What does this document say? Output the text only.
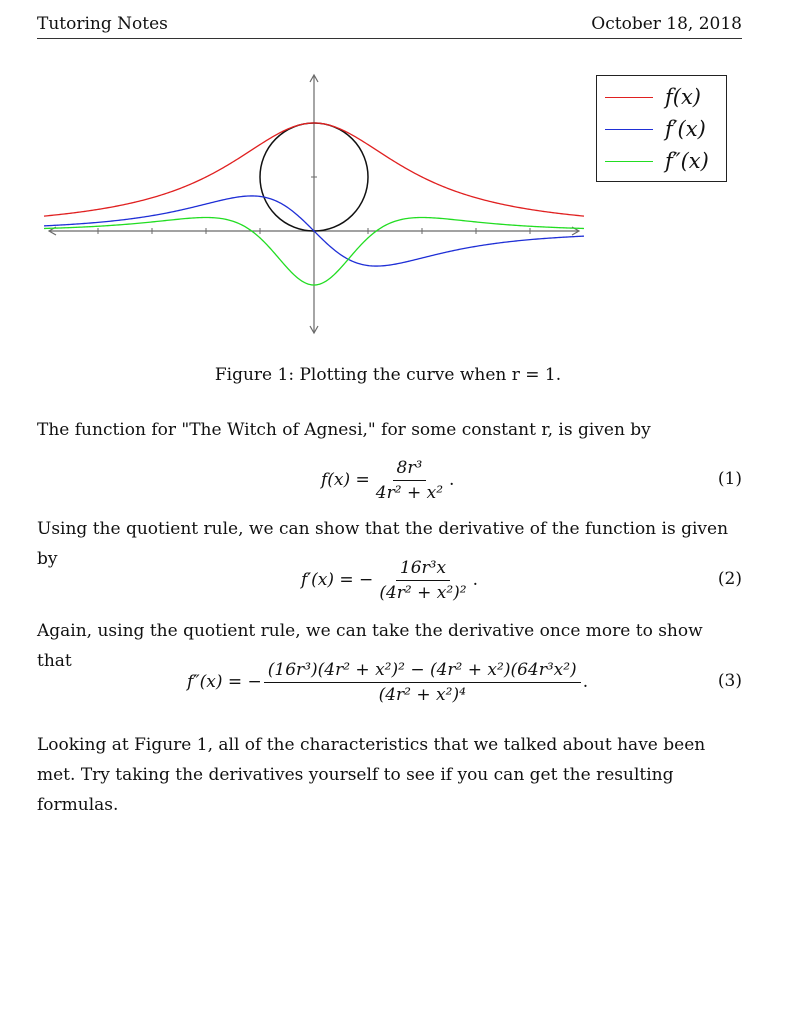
Tutoring Notes	October 18, 2018
f(x)
f′(x)
f″(x)
Figure 1: Plotting the curve when r = 1.
The function for "The Witch of Agnesi," for some constant r, is given by
$f(x) = \frac{\text{8r³}}{\text{4r² + x²}}$ .	(1)
Using the quotient rule, we can show that the derivative of the function is given by
f′(x) = − $\frac{\text{16r³x}}{\text{(4r² + x²)²}}$ .	(2)
Again, using the quotient rule, we can take the derivative once more to show that
f″(x) = − $\frac{\text{(16r³)(4r² + x²)² − (4r² + x²)(64r³x²)}}{\text{(4r² + x²)⁴}}$ .	(3)
Looking at Figure 1, all of the characteristics that we talked about have been met. Try taking the derivatives yourself to see if you can get the resulting formulas.
